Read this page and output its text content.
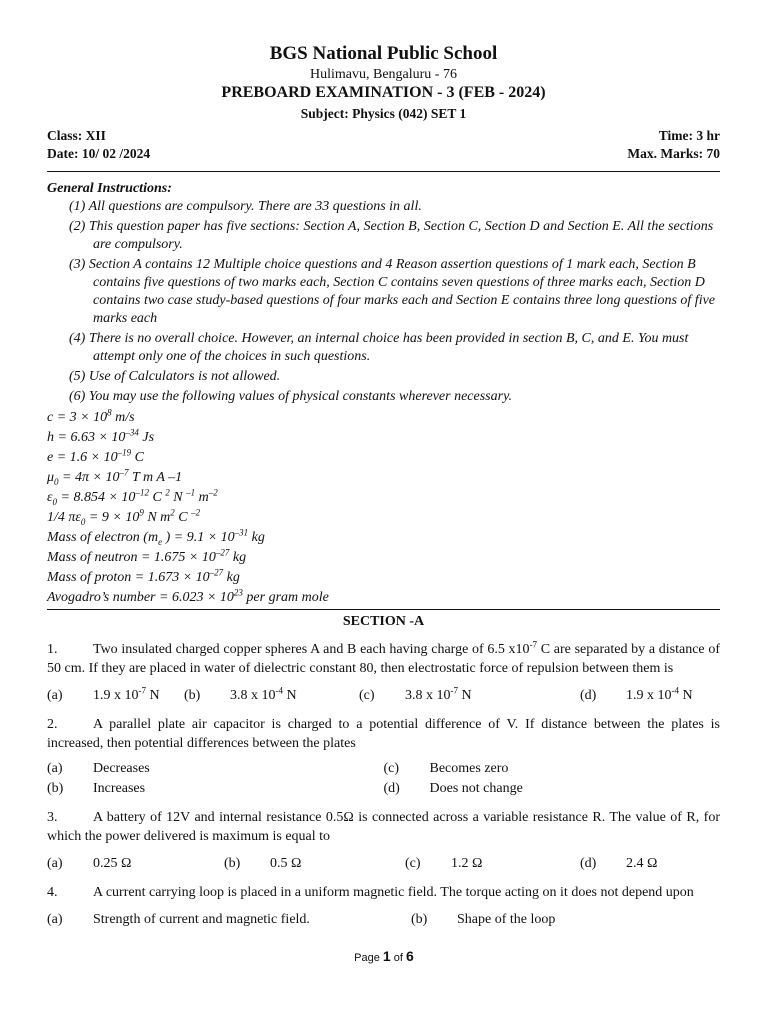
BGS National Public School
Hulimavu, Bengaluru - 76
PREBOARD EXAMINATION - 3 (FEB - 2024)
Subject: Physics (042) SET 1
Class: XII	Time: 3 hr
Date: 10/ 02 /2024	Max. Marks: 70
General Instructions:
(1) All questions are compulsory. There are 33 questions in all.
(2) This question paper has five sections: Section A, Section B, Section C, Section D and Section E. All the sections are compulsory.
(3) Section A contains 12 Multiple choice questions and 4 Reason assertion questions of 1 mark each, Section B contains five questions of two marks each, Section C contains seven questions of three marks each, Section D contains two case study-based questions of four marks each and Section E contains three long questions of five marks each
(4) There is no overall choice. However, an internal choice has been provided in section B, C, and E. You must attempt only one of the choices in such questions.
(5) Use of Calculators is not allowed.
(6) You may use the following values of physical constants wherever necessary.
$c = 3 \times 10^8$ m/s
$h = 6.63 \times 10^{-34}$ Js
$e = 1.6 \times 10^{-19}$ C
$\mu_0 = 4\pi \times 10^{-7}$ T m A –1
$\varepsilon_0 = 8.854 \times 10^{-12}$ C $^2$ N $^{-1}$ $m^{-2}$
1/4 $\pi\varepsilon_0 = 9 \times 10^9$ N $m^2$ C $^{-2}$
Mass of electron ($m_e$ ) = $9.1 \times 10^{-31}$ kg
Mass of neutron = $1.675 \times 10^{-27}$ kg
Mass of proton = $1.673 \times 10^{-27}$ kg
Avogadro’s number = $6.023 \times 10^{23}$ per gram mole
SECTION -A
1.	Two insulated charged copper spheres A and B each having charge of 6.5 $x10^{-7}$ C are separated by a distance of 50 cm. If they are placed in water of dielectric constant 80, then electrostatic force of repulsion between them is
(a)	1.9 x $10^{-7}$ N (b)	3.8 x $10^{-4}$ N	(c)	3.8 x $10^{-7}$ N	(d)	1.9 x $10^{-4}$ N
2.	A parallel plate air capacitor is charged to a potential difference of V. If distance between the plates is increased, then potential differences between the plates
(a)	Decreases	(c)	Becomes zero
(b)	Increases	(d)	Does not change
3.	A battery of 12V and internal resistance 0.5Ω is connected across a variable resistance R. The value of R, for which the power delivered is maximum is equal to
(a)	0.25 Ω	(b)	0.5 Ω	(c)	1.2 Ω	(d)	2.4 Ω
4.	A current carrying loop is placed in a uniform magnetic field. The torque acting on it does not depend upon
(a)	Strength of current and magnetic field.	(b)	Shape of the loop
Page 1 of 6
